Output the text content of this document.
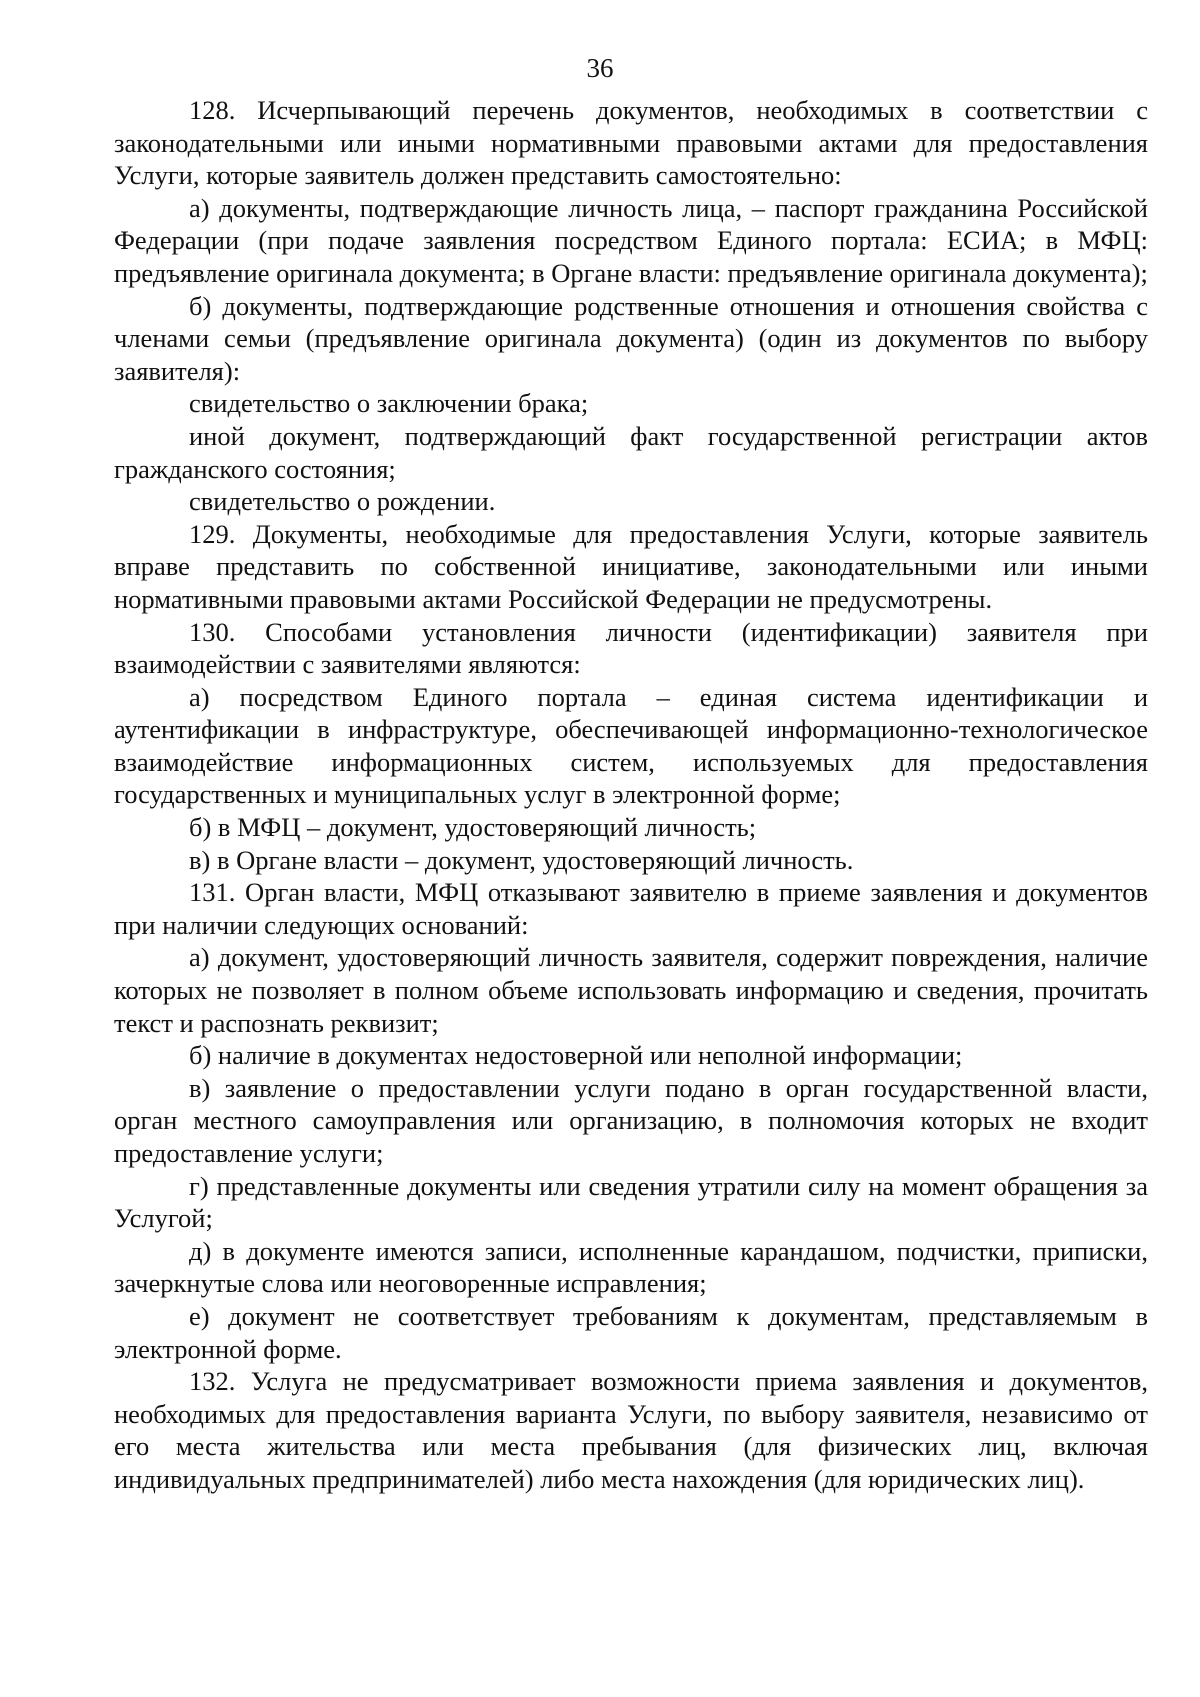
36

128. Исчерпывающий перечень документов, необходимых в соответствии с законодательными или иными нормативными правовыми актами для предоставления Услуги, которые заявитель должен представить самостоятельно:

а) документы, подтверждающие личность лица, – паспорт гражданина Российской Федерации (при подаче заявления посредством Единого портала: ЕСИА; в МФЦ: предъявление оригинала документа; в Органе власти: предъявление оригинала документа);

б) документы, подтверждающие родственные отношения и отношения свойства с членами семьи (предъявление оригинала документа) (один из документов по выбору заявителя):

свидетельство о заключении брака;

иной документ, подтверждающий факт государственной регистрации актов гражданского состояния;

свидетельство о рождении.

129. Документы, необходимые для предоставления Услуги, которые заявитель вправе представить по собственной инициативе, законодательными или иными нормативными правовыми актами Российской Федерации не предусмотрены.

130. Способами установления личности (идентификации) заявителя при взаимодействии с заявителями являются:

а) посредством Единого портала – единая система идентификации и аутентификации в инфраструктуре, обеспечивающей информационно-технологическое взаимодействие информационных систем, используемых для предоставления государственных и муниципальных услуг в электронной форме;

б) в МФЦ – документ, удостоверяющий личность;

в) в Органе власти – документ, удостоверяющий личность.

131. Орган власти, МФЦ отказывают заявителю в приеме заявления и документов при наличии следующих оснований:

а) документ, удостоверяющий личность заявителя, содержит повреждения, наличие которых не позволяет в полном объеме использовать информацию и сведения, прочитать текст и распознать реквизит;

б) наличие в документах недостоверной или неполной информации;

в) заявление о предоставлении услуги подано в орган государственной власти, орган местного самоуправления или организацию, в полномочия которых не входит предоставление услуги;

г) представленные документы или сведения утратили силу на момент обращения за Услугой;

д) в документе имеются записи, исполненные карандашом, подчистки, приписки, зачеркнутые слова или неоговоренные исправления;

е) документ не соответствует требованиям к документам, представляемым в электронной форме.

132. Услуга не предусматривает возможности приема заявления и документов, необходимых для предоставления варианта Услуги, по выбору заявителя, независимо от его места жительства или места пребывания (для физических лиц, включая индивидуальных предпринимателей) либо места нахождения (для юридических лиц).
